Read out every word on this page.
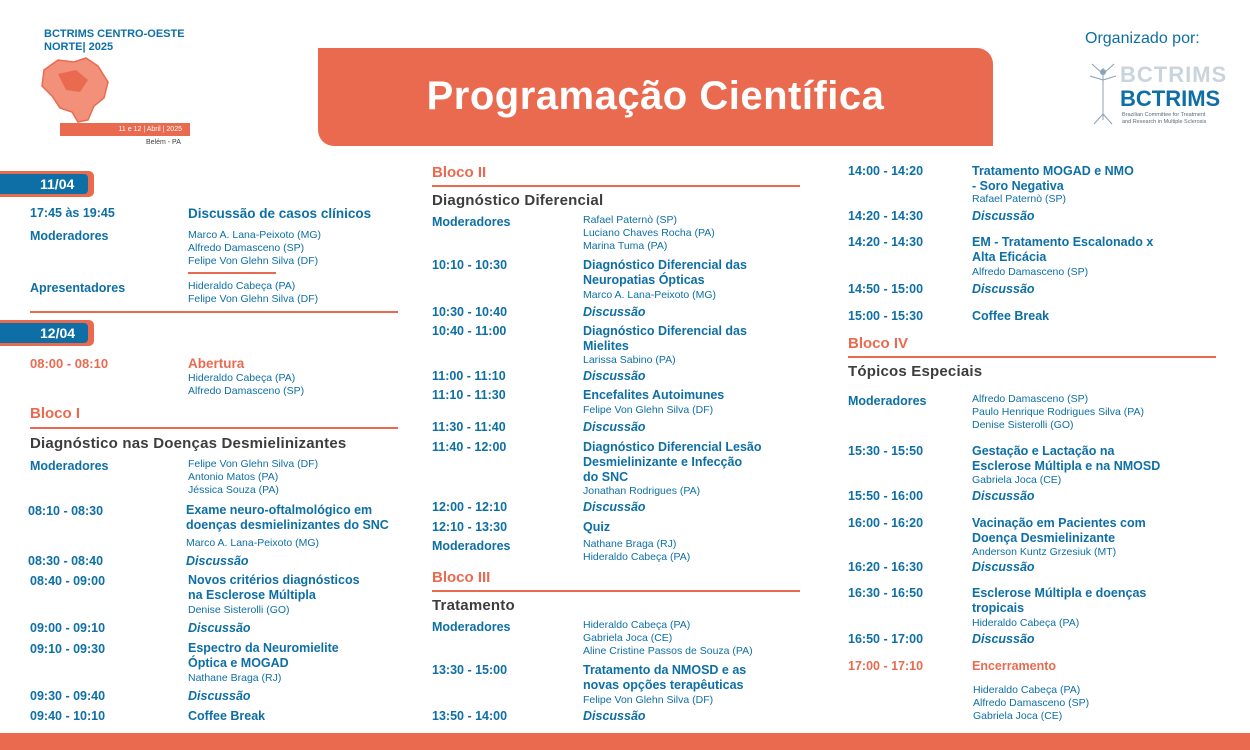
BCTRIMS CENTRO-OESTE
NORTE| 2025
24º Curso Regional
de Atualização em
Doenças
desmielinizantes
11 e 12 | Abril | 2025
Belém - PA
Programação Científica
Organizado por:
BCTRIMS
BCTRIMS
Brazilian Committee for Treatment
and Research in Multiple Sclerosis
11/04
17:45 às 19:45	Discussão de casos clínicos
Moderadores	Marco A. Lana-Peixoto (MG)
Alfredo Damasceno (SP)
Felipe Von Glehn Silva (DF)
Apresentadores	Hideraldo Cabeça (PA)
Felipe Von Glehn Silva (DF)
12/04
08:00 - 08:10	Abertura
Hideraldo Cabeça (PA)
Alfredo Damasceno (SP)
Bloco I
Diagnóstico nas Doenças Desmielinizantes
Moderadores	Felipe Von Glehn Silva (DF)
Antonio Matos (PA)
Jéssica Souza (PA)
08:10 - 08:30	Exame neuro-oftalmológico em
doenças desmielinizantes do SNC
Marco A. Lana-Peixoto (MG)
08:30 - 08:40	Discussão
08:40 - 09:00	Novos critérios diagnósticos
na Esclerose Múltipla
Denise Sisterolli (GO)
09:00 - 09:10	Discussão
09:10 - 09:30	Espectro da Neuromielite
Óptica e MOGAD
Nathane Braga (RJ)
09:30 - 09:40	Discussão
09:40 - 10:10	Coffee Break
Bloco II
Diagnóstico Diferencial
Moderadores	Rafael Paternò (SP)
Luciano Chaves Rocha (PA)
Marina Tuma (PA)
10:10 - 10:30	Diagnóstico Diferencial das
Neuropatias Ópticas
Marco A. Lana-Peixoto (MG)
10:30 - 10:40	Discussão
10:40 - 11:00	Diagnóstico Diferencial das
Mielites
Larissa Sabino (PA)
11:00 - 11:10	Discussão
11:10 - 11:30	Encefalites Autoimunes
Felipe Von Glehn Silva (DF)
11:30 - 11:40	Discussão
11:40 - 12:00	Diagnóstico Diferencial Lesão
Desmielinizante e Infecção
do SNC
Jonathan Rodrigues (PA)
12:00 - 12:10	Discussão
12:10 - 13:30	Quiz
Moderadores	Nathane Braga (RJ)
Hideraldo Cabeça (PA)
Bloco III
Tratamento
Moderadores	Hideraldo Cabeça (PA)
Gabriela Joca (CE)
Aline Cristine Passos de Souza (PA)
13:30 - 15:00	Tratamento da NMOSD e as
novas opções terapêuticas
Felipe Von Glehn Silva (DF)
13:50 - 14:00	Discussão
14:00 - 14:20	Tratamento MOGAD e NMO
- Soro Negativa
Rafael Paternò (SP)
14:20 - 14:30	Discussão
14:20 - 14:30	EM - Tratamento Escalonado x
Alta Eficácia
Alfredo Damasceno (SP)
14:50 - 15:00	Discussão
15:00 - 15:30	Coffee Break
Bloco IV
Tópicos Especiais
Moderadores	Alfredo Damasceno (SP)
Paulo Henrique Rodrigues Silva (PA)
Denise Sisterolli (GO)
15:30 - 15:50	Gestação e Lactação na
Esclerose Múltipla e na NMOSD
Gabriela Joca (CE)
15:50 - 16:00	Discussão
16:00 - 16:20	Vacinação em Pacientes com
Doença Desmielinizante
Anderson Kuntz Grzesiuk (MT)
16:20 - 16:30	Discussão
16:30 - 16:50	Esclerose Múltipla e doenças
tropicais
Hideraldo Cabeça (PA)
16:50 - 17:00	Discussão
17:00 - 17:10	Encerramento
Hideraldo Cabeça (PA)
Alfredo Damasceno (SP)
Gabriela Joca (CE)
